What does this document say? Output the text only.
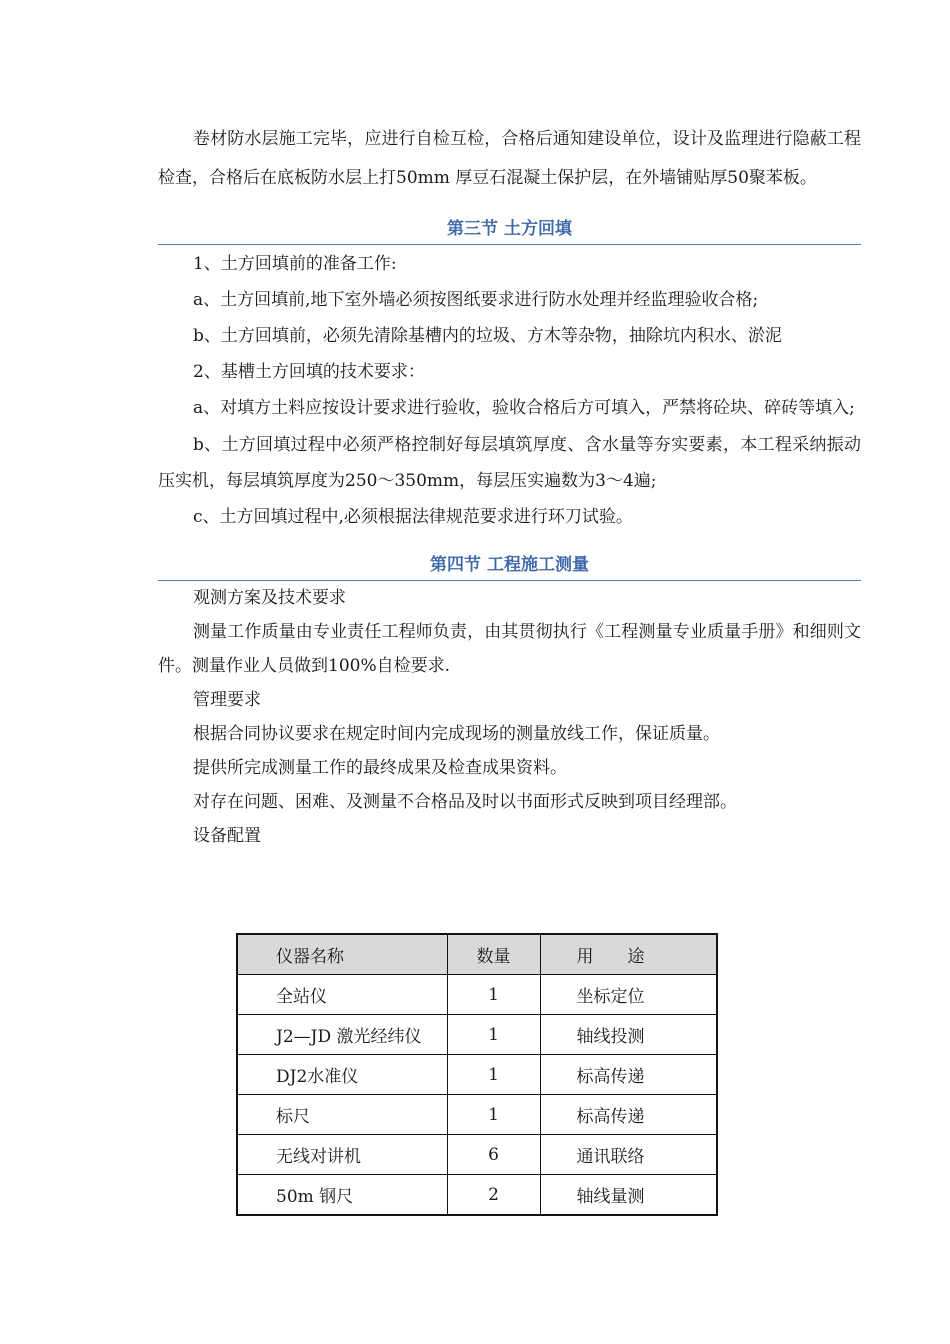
卷材防水层施工完毕，应进行自检互检，合格后通知建设单位，设计及监理进行隐蔽工程检查，合格后在底板防水层上打50mm 厚豆石混凝土保护层，在外墙铺贴厚50聚苯板。

第三节 土方回填

1、土方回填前的准备工作:

a、土方回填前,地下室外墙必须按图纸要求进行防水处理并经监理验收合格;

b、土方回填前，必须先清除基槽内的垃圾、方木等杂物，抽除坑内积水、淤泥

2、基槽土方回填的技术要求：

a、对填方土料应按设计要求进行验收，验收合格后方可填入，严禁将砼块、碎砖等填入;

b、土方回填过程中必须严格控制好每层填筑厚度、含水量等夯实要素，本工程采纳振动压实机，每层填筑厚度为250～350mm，每层压实遍数为3～4遍;

c、土方回填过程中,必须根据法律规范要求进行环刀试验。

第四节 工程施工测量

观测方案及技术要求

测量工作质量由专业责任工程师负责，由其贯彻执行《工程测量专业质量手册》和细则文件。测量作业人员做到100%自检要求.

管理要求

根据合同协议要求在规定时间内完成现场的测量放线工作，保证质量。

提供所完成测量工作的最终成果及检查成果资料。

对存在问题、困难、及测量不合格品及时以书面形式反映到项目经理部。

设备配置

仪器名称	数量	用　　途
全站仪	1	坐标定位
J2—JD 激光经纬仪	1	轴线投测
DJ2水准仪	1	标高传递
标尺	1	标高传递
无线对讲机	6	通讯联络
50m 钢尺	2	轴线量测
